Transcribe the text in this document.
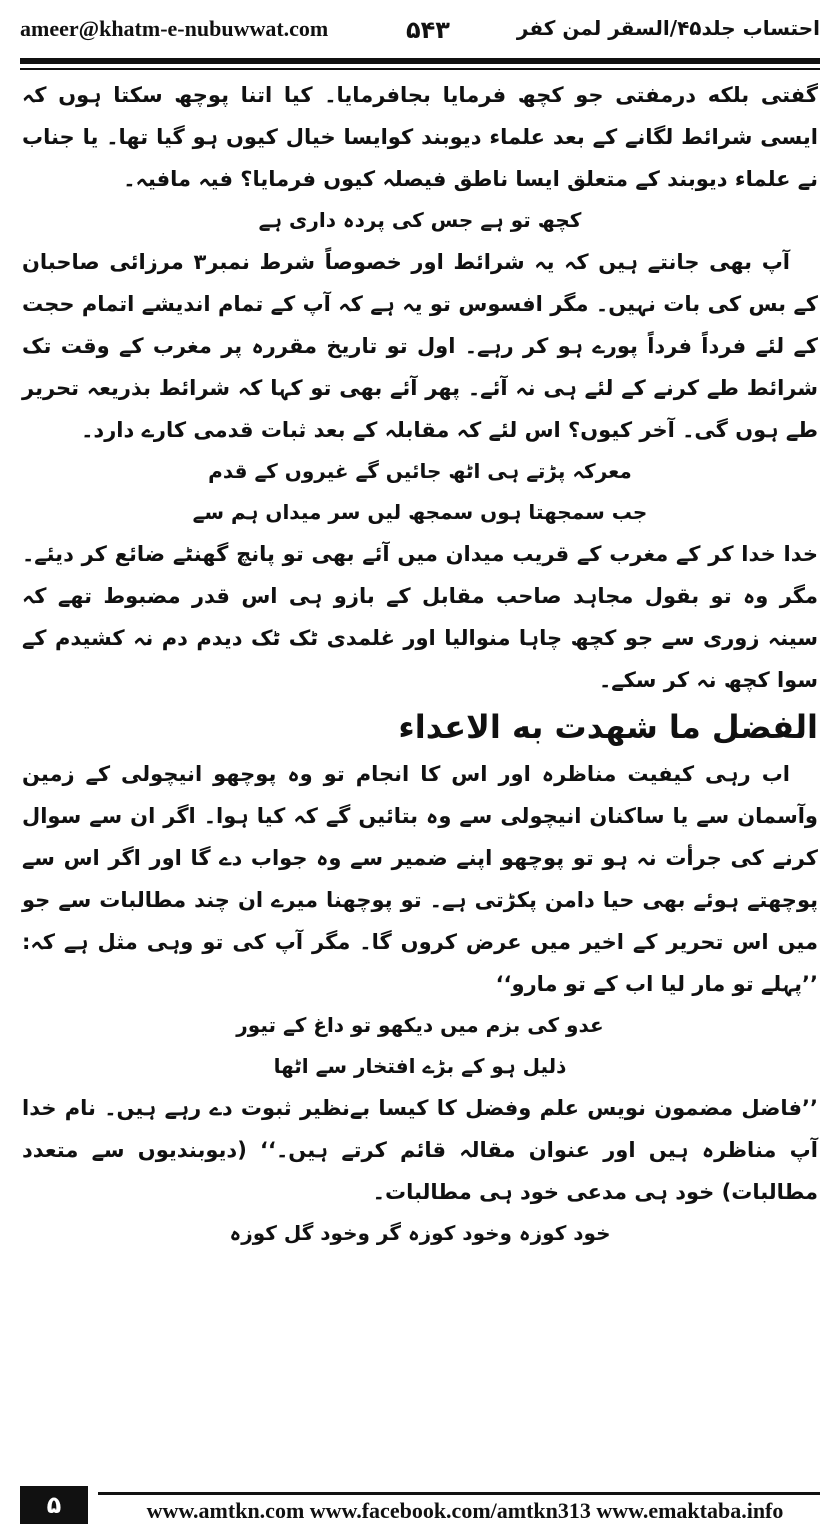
ameer@khatm-e-nubuwwat.com	۵۴۳	احتساب جلد۴۵/السقر لمن کفر

گفتی بلکه درمفتی جو کچھ فرمایا بجافرمایا۔ کیا اتنا پوچھ سکتا ہوں کہ ایسی شرائط لگانے کے بعد علماء دیوبند کوایسا خیال کیوں ہو گیا تھا۔ یا جناب نے علماء دیوبند کے متعلق ایسا ناطق فیصلہ کیوں فرمایا؟ فیہ مافیہ۔

کچھ تو ہے جس کی پردہ داری ہے

آپ بھی جانتے ہیں کہ یہ شرائط اور خصوصاً شرط نمبر۳ مرزائی صاحبان کے بس کی بات نہیں۔ مگر افسوس تو یہ ہے کہ آپ کے تمام اندیشے اتمام حجت کے لئے فرداً فرداً پورے ہو کر رہے۔ اول تو تاریخ مقررہ پر مغرب کے وقت تک شرائط طے کرنے کے لئے ہی نہ آئے۔ پھر آئے بھی تو کہا کہ شرائط بذریعہ تحریر طے ہوں گی۔ آخر کیوں؟ اس لئے کہ مقابلہ کے بعد ثبات قدمی کارے دارد۔

معرکہ پڑتے ہی اٹھ جائیں گے غیروں کے قدم

جب سمجھتا ہوں سمجھ لیں سر میداں ہم سے

خدا خدا کر کے مغرب کے قریب میدان میں آئے بھی تو پانچ گھنٹے ضائع کر دیئے۔ مگر وہ تو بقول مجاہد صاحب مقابل کے بازو ہی اس قدر مضبوط تھے کہ سینہ زوری سے جو کچھ چاہا منوالیا اور غلمدی ٹک ٹک دیدم دم نہ کشیدم کے سوا کچھ نہ کر سکے۔

الفضل ما شهدت به الاعداء

اب رہی کیفیت مناظرہ اور اس کا انجام تو وہ پوچھو انیچولی کے زمین وآسمان سے یا ساکنان انیچولی سے وہ بتائیں گے کہ کیا ہوا۔ اگر ان سے سوال کرنے کی جرأت نہ ہو تو پوچھو اپنے ضمیر سے وہ جواب دے گا اور اگر اس سے پوچھتے ہوئے بھی حیا دامن پکڑتی ہے۔ تو پوچھنا میرے ان چند مطالبات سے جو میں اس تحریر کے اخیر میں عرض کروں گا۔ مگر آپ کی تو وہی مثل ہے کہ: ’’پہلے تو مار لیا اب کے تو مارو‘‘

عدو کی بزم میں دیکھو تو داغ کے تیور

ذلیل ہو کے بڑے افتخار سے اٹھا

’’فاضل مضمون نویس علم وفضل کا کیسا بےنظیر ثبوت دے رہے ہیں۔ نام خدا آپ مناظرہ ہیں اور عنوان مقالہ قائم کرتے ہیں۔‘‘ (دیوبندیوں سے متعدد مطالبات) خود ہی مدعی خود ہی مطالبات۔

خود کوزہ وخود کوزہ گر وخود گل کوزہ

۵	www.amtkn.com www.facebook.com/amtkn313 www.emaktaba.info
